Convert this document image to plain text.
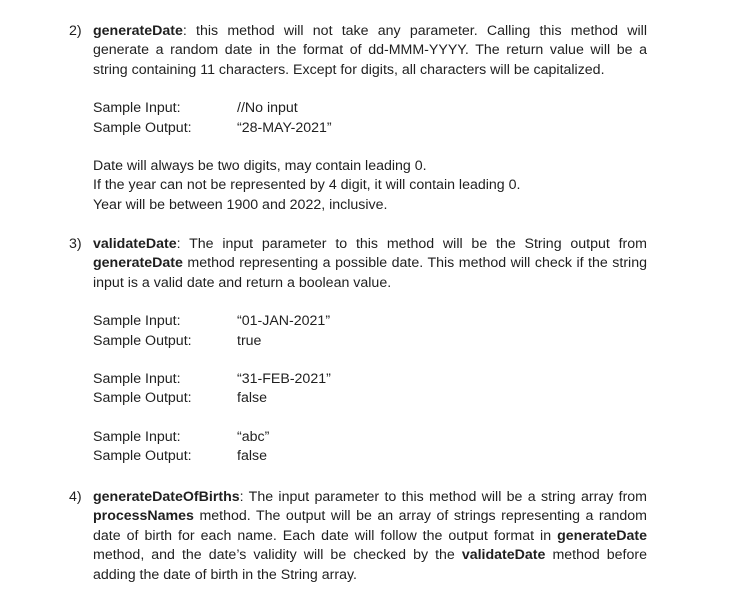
2) generateDate: this method will not take any parameter. Calling this method will generate a random date in the format of dd-MMM-YYYY. The return value will be a string containing 11 characters. Except for digits, all characters will be capitalized.
Sample Input:	//No input
Sample Output:	“28-MAY-2021”
Date will always be two digits, may contain leading 0.
If the year can not be represented by 4 digit, it will contain leading 0.
Year will be between 1900 and 2022, inclusive.
3) validateDate: The input parameter to this method will be the String output from generateDate method representing a possible date. This method will check if the string input is a valid date and return a boolean value.
Sample Input:	“01-JAN-2021”
Sample Output:	true
Sample Input:	“31-FEB-2021”
Sample Output:	false
Sample Input:	“abc”
Sample Output:	false
4) generateDateOfBirths: The input parameter to this method will be a string array from processNames method. The output will be an array of strings representing a random date of birth for each name. Each date will follow the output format in generateDate method, and the date’s validity will be checked by the validateDate method before adding the date of birth in the String array.
